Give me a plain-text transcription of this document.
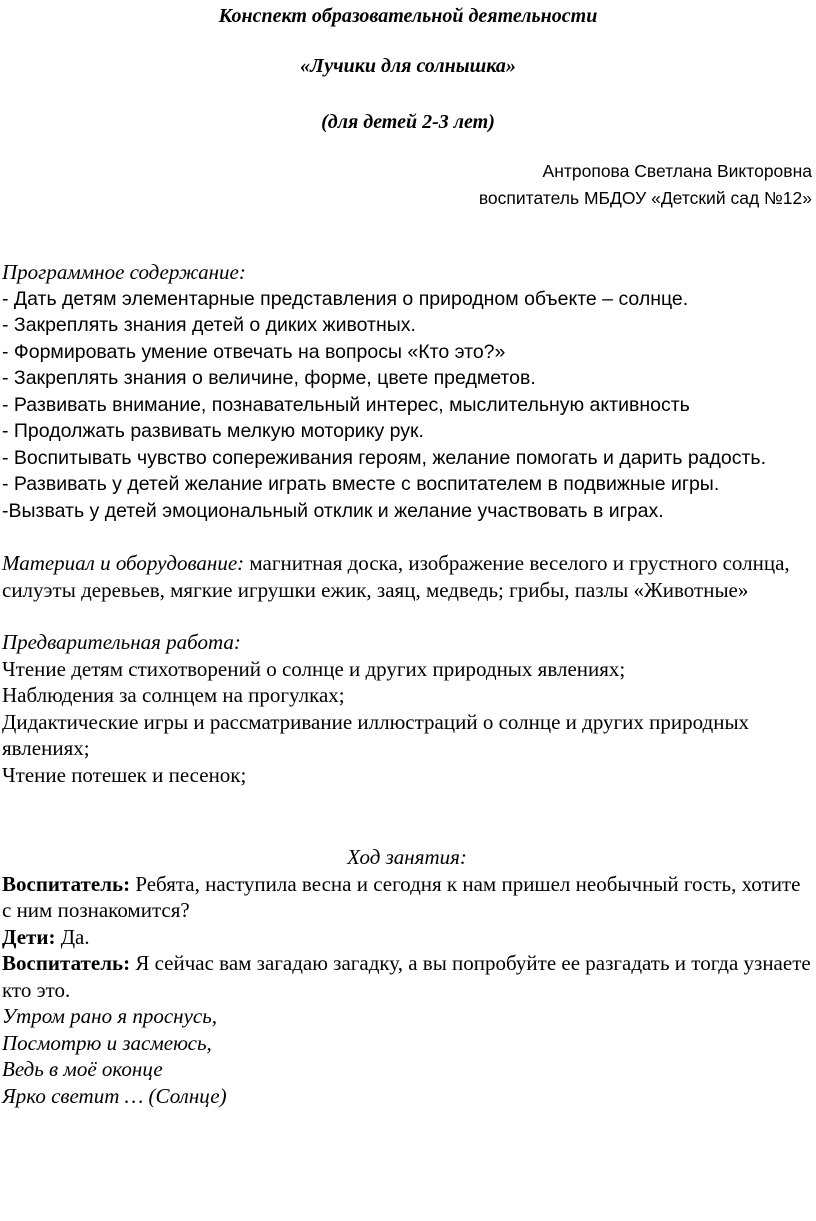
Конспект образовательной деятельности

«Лучики для солнышка»

(для детей 2-3 лет)

Антропова Светлана Викторовна
воспитатель МБДОУ «Детский сад №12»

Программное содержание:

- Дать детям элементарные представления о природном объекте – солнце.
- Закреплять знания детей о диких животных.
- Формировать умение отвечать на вопросы «Кто это?»
- Закреплять знания о величине, форме, цвете предметов.
- Развивать внимание, познавательный интерес, мыслительную активность
- Продолжать развивать мелкую моторику рук.
- Воспитывать чувство сопереживания героям, желание помогать и дарить радость.
- Развивать у детей желание играть вместе с воспитателем в подвижные игры.
-Вызвать у детей эмоциональный отклик и желание участвовать в играх.

Материал и оборудование: магнитная доска, изображение веселого и грустного солнца, силуэты деревьев, мягкие игрушки ежик, заяц, медведь; грибы, пазлы «Животные»

Предварительная работа:

Чтение детям стихотворений о солнце и других природных явлениях;

Наблюдения за солнцем на прогулках;

Дидактические игры и рассматривание иллюстраций о солнце и других природных явлениях;

Чтение потешек и песенок;

Ход занятия:

Воспитатель: Ребята, наступила весна и сегодня к нам пришел необычный гость, хотите с ним познакомится?

Дети: Да.

Воспитатель: Я сейчас вам загадаю загадку, а вы попробуйте ее разгадать и тогда узнаете кто это.

Утром рано я проснусь,

Посмотрю и засмеюсь,

Ведь в моё оконце

Ярко светит … (Солнце)
